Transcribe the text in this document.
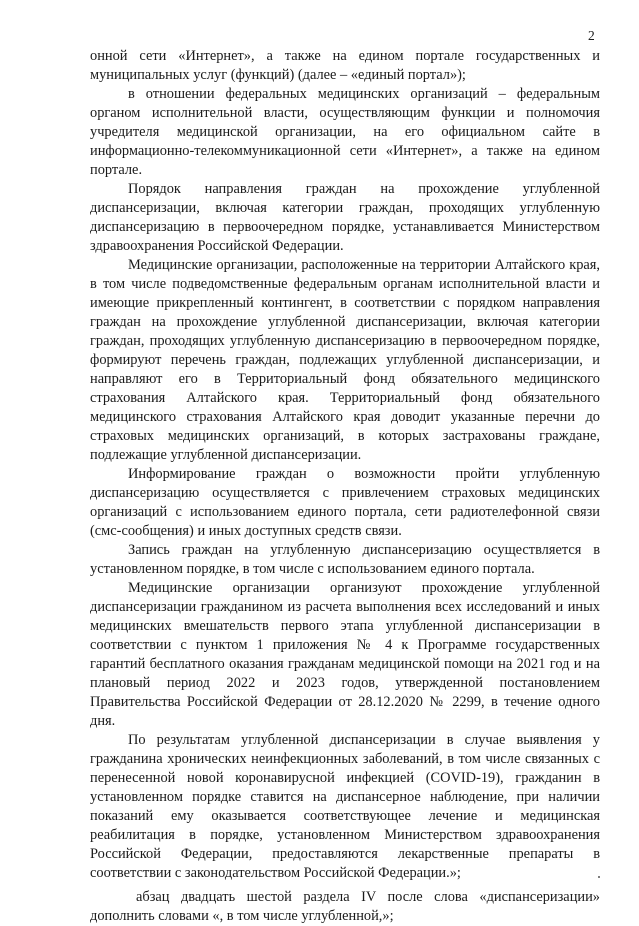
2

онной сети «Интернет», а также на едином портале государственных и муниципальных услуг (функций) (далее – «единый портал»);

в отношении федеральных медицинских организаций – федеральным органом исполнительной власти, осуществляющим функции и полномочия учредителя медицинской организации, на его официальном сайте в информационно-телекоммуникационной сети «Интернет», а также на едином портале.

Порядок направления граждан на прохождение углубленной диспансеризации, включая категории граждан, проходящих углубленную диспансеризацию в первоочередном порядке, устанавливается Министерством здравоохранения Российской Федерации.

Медицинские организации, расположенные на территории Алтайского края, в том числе подведомственные федеральным органам исполнительной власти и имеющие прикрепленный контингент, в соответствии с порядком направления граждан на прохождение углубленной диспансеризации, включая категории граждан, проходящих углубленную диспансеризацию в первоочередном порядке, формируют перечень граждан, подлежащих углубленной диспансеризации, и направляют его в Территориальный фонд обязательного медицинского страхования Алтайского края. Территориальный фонд обязательного медицинского страхования Алтайского края доводит указанные перечни до страховых медицинских организаций, в которых застрахованы граждане, подлежащие углубленной диспансеризации.

Информирование граждан о возможности пройти углубленную диспансеризацию осуществляется с привлечением страховых медицинских организаций с использованием единого портала, сети радиотелефонной связи (смс-сообщения) и иных доступных средств связи.

Запись граждан на углубленную диспансеризацию осуществляется в установленном порядке, в том числе с использованием единого портала.

Медицинские организации организуют прохождение углубленной диспансеризации гражданином из расчета выполнения всех исследований и иных медицинских вмешательств первого этапа углубленной диспансеризации в соответствии с пунктом 1 приложения № 4 к Программе государственных гарантий бесплатного оказания гражданам медицинской помощи на 2021 год и на плановый период 2022 и 2023 годов, утвержденной постановлением Правительства Российской Федерации от 28.12.2020 № 2299, в течение одного дня.

По результатам углубленной диспансеризации в случае выявления у гражданина хронических неинфекционных заболеваний, в том числе связанных с перенесенной новой коронавирусной инфекцией (COVID-19), гражданин в установленном порядке ставится на диспансерное наблюдение, при наличии показаний ему оказывается соответствующее лечение и медицинская реабилитация в порядке, установленном Министерством здравоохранения Российской Федерации, предоставляются лекарственные препараты в соответствии с законодательством Российской Федерации.»;

абзац двадцать шестой раздела IV после слова «диспансеризации» дополнить словами «, в том числе углубленной,»;
